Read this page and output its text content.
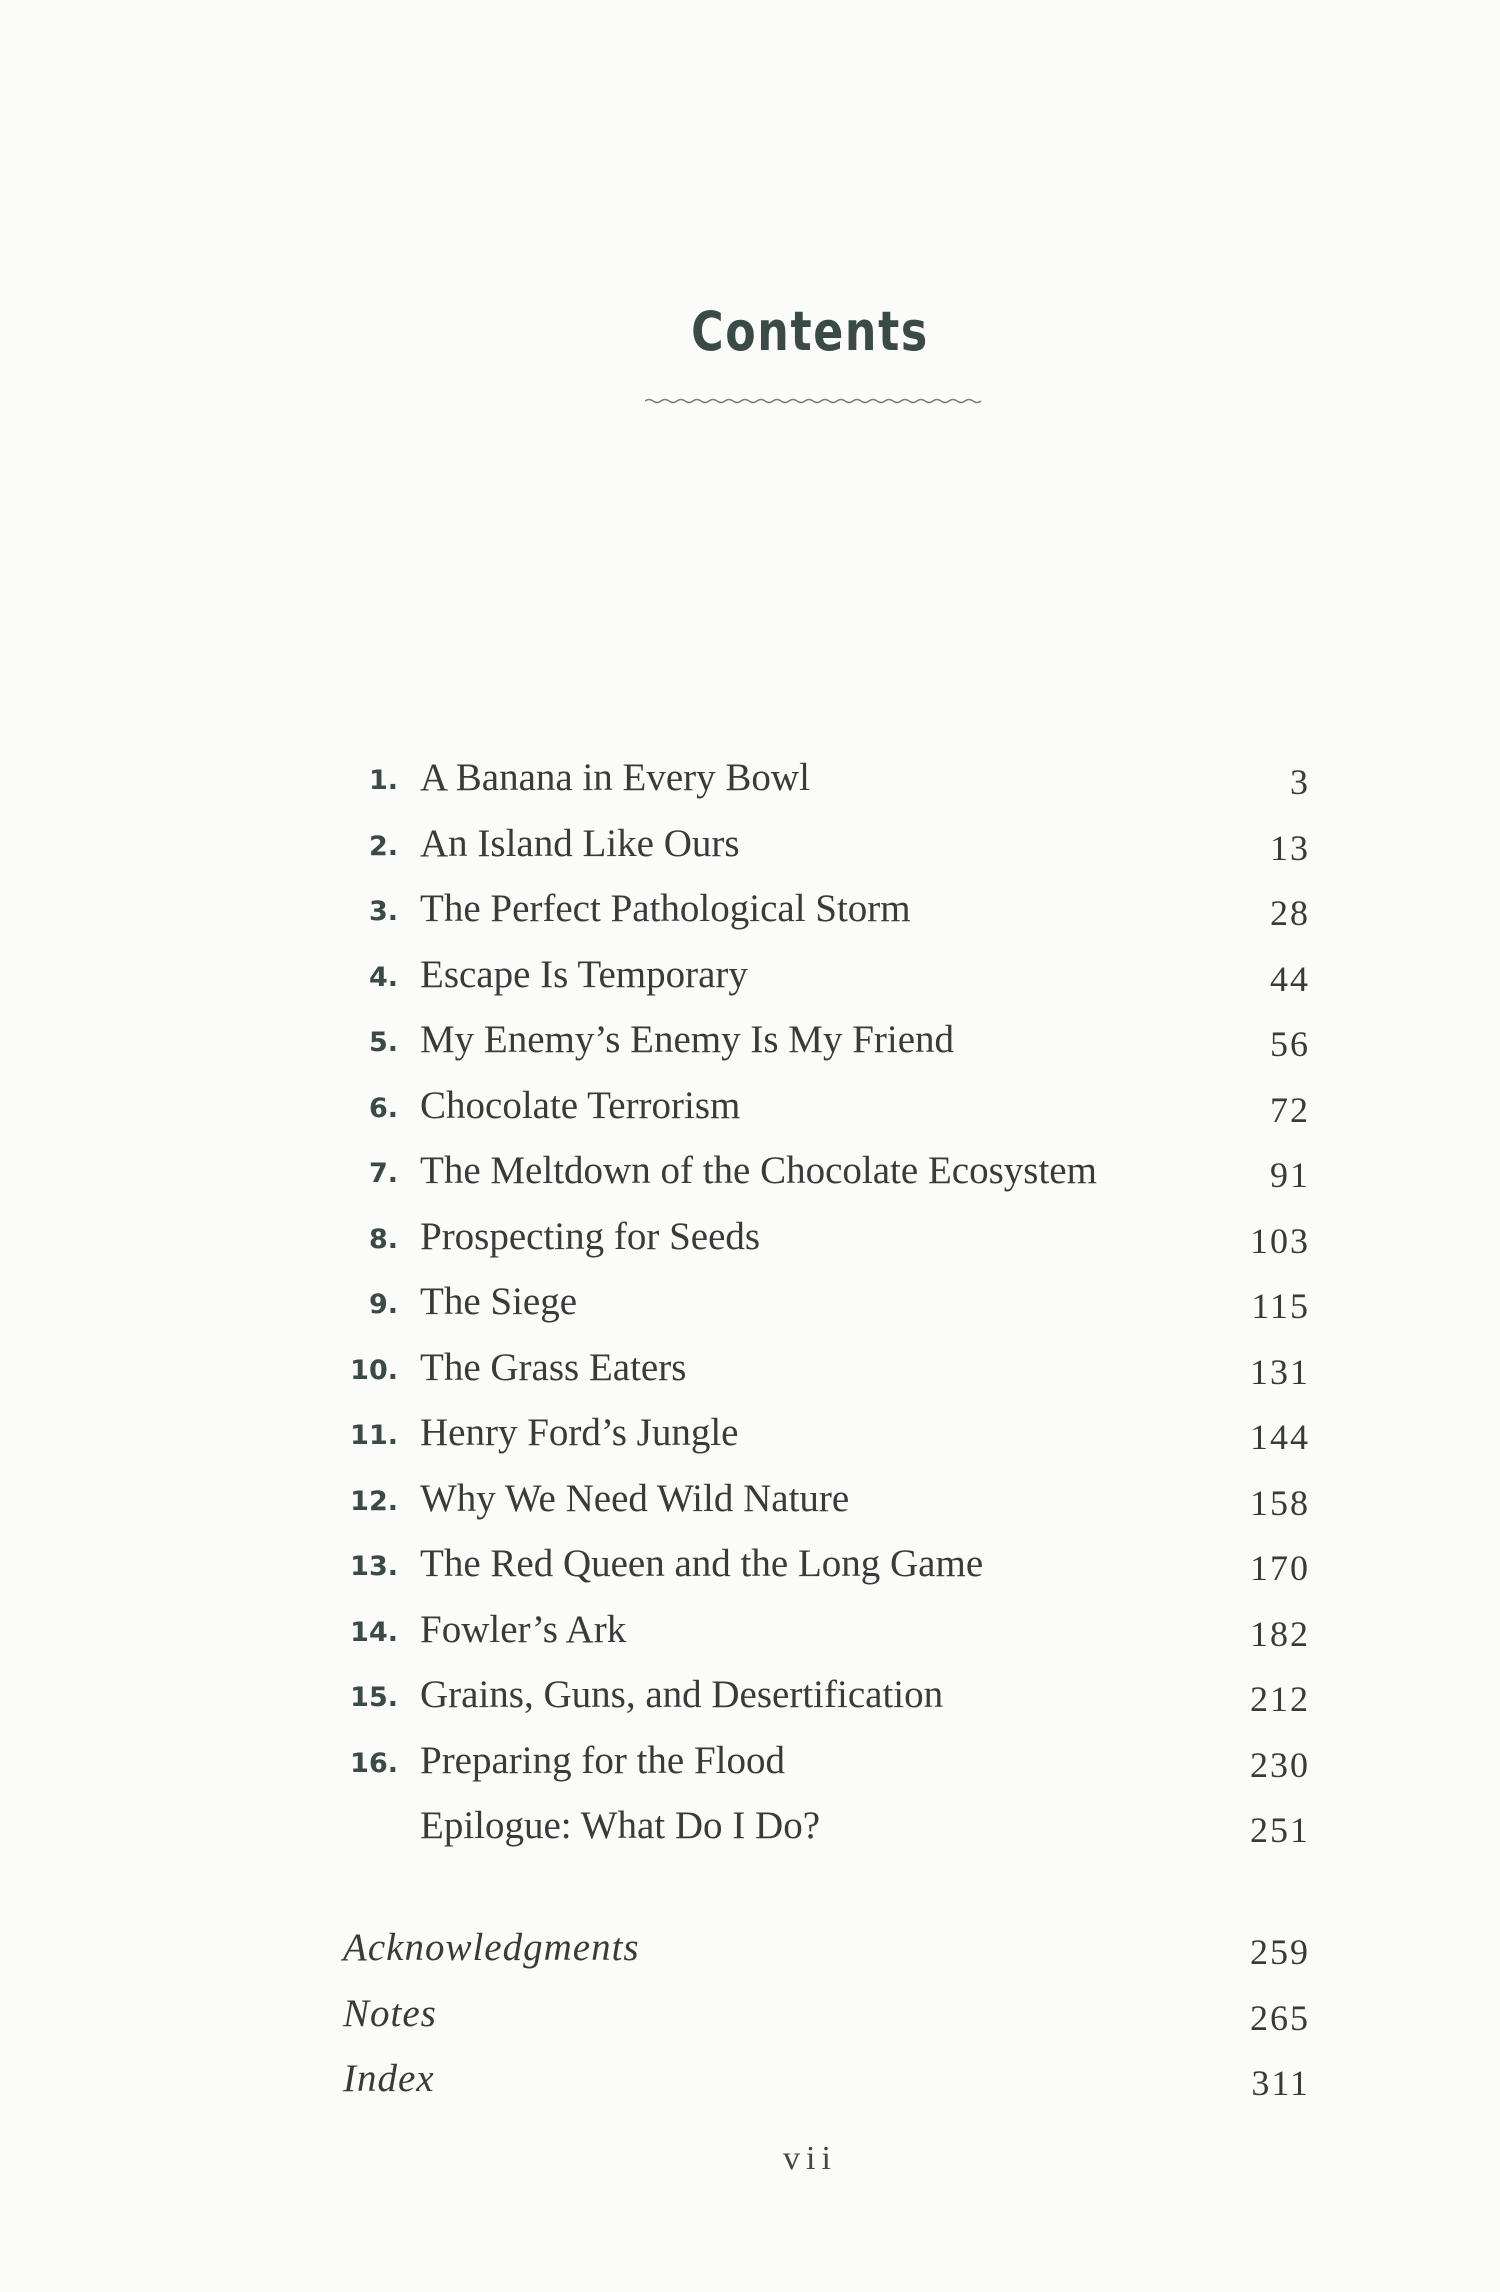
Contents
1. A Banana in Every Bowl	3
2. An Island Like Ours	13
3. The Perfect Pathological Storm	28
4. Escape Is Temporary	44
5. My Enemy’s Enemy Is My Friend	56
6. Chocolate Terrorism	72
7. The Meltdown of the Chocolate Ecosystem	91
8. Prospecting for Seeds	103
9. The Siege	115
10. The Grass Eaters	131
11. Henry Ford’s Jungle	144
12. Why We Need Wild Nature	158
13. The Red Queen and the Long Game	170
14. Fowler’s Ark	182
15. Grains, Guns, and Desertification	212
16. Preparing for the Flood	230
Epilogue: What Do I Do?	251
Acknowledgments	259
Notes	265
Index	311
vii
